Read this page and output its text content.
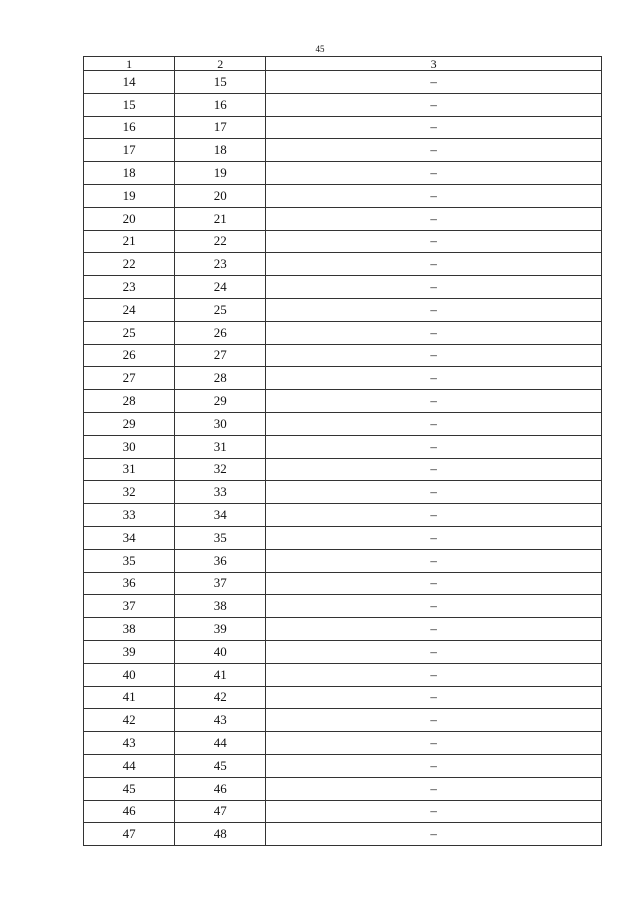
45
1	2	3
14	15	–
15	16	–
16	17	–
17	18	–
18	19	–
19	20	–
20	21	–
21	22	–
22	23	–
23	24	–
24	25	–
25	26	–
26	27	–
27	28	–
28	29	–
29	30	–
30	31	–
31	32	–
32	33	–
33	34	–
34	35	–
35	36	–
36	37	–
37	38	–
38	39	–
39	40	–
40	41	–
41	42	–
42	43	–
43	44	–
44	45	–
45	46	–
46	47	–
47	48	–
